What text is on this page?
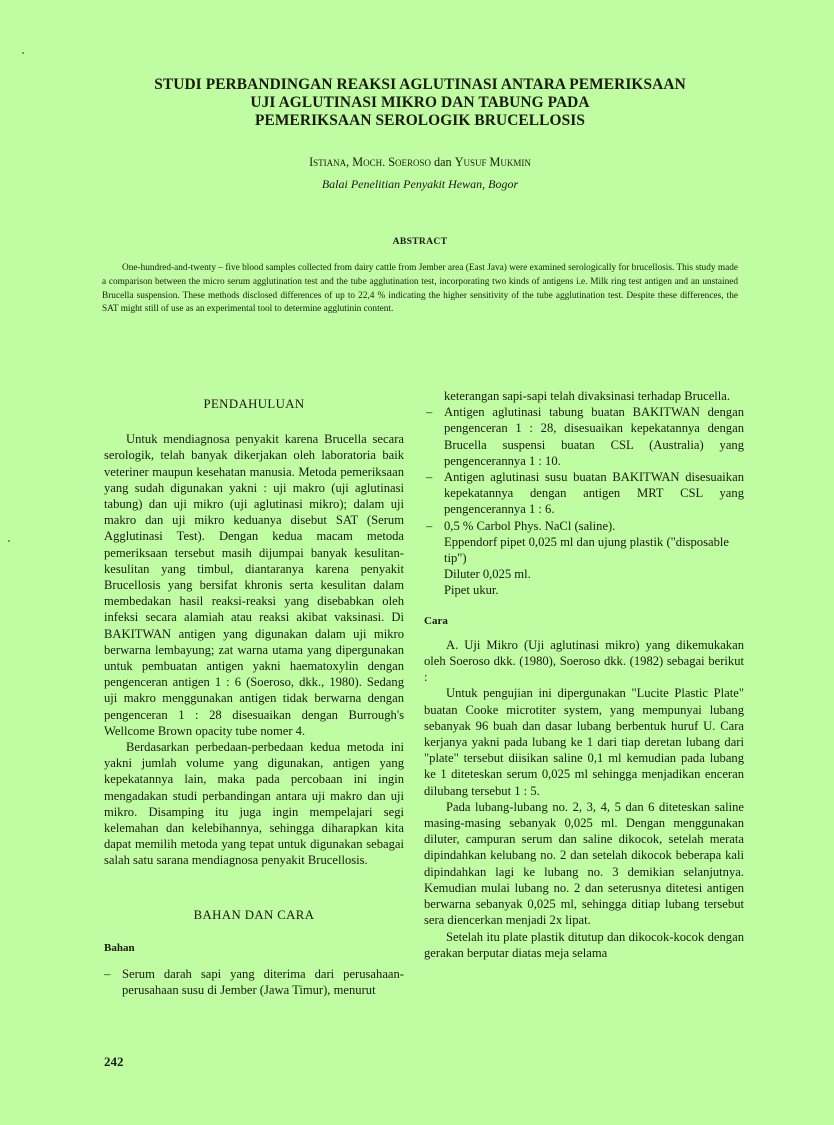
STUDI PERBANDINGAN REAKSI AGLUTINASI ANTARA PEMERIKSAAN
UJI AGLUTINASI MIKRO DAN TABUNG PADA
PEMERIKSAAN SEROLOGIK BRUCELLOSIS
Istiana, Moch. Soeroso dan Yusuf Mukmin
Balai Penelitian Penyakit Hewan, Bogor
ABSTRACT

One-hundred-and-twenty – five blood samples collected from dairy cattle from Jember area (East Java) were examined serologically for brucellosis. This study made a comparison between the micro serum agglutination test and the tube agglutination test, incorporating two kinds of antigens i.e. Milk ring test antigen and an unstained Brucella suspension. These methods disclosed differences of up to 22,4 % indicating the higher sensitivity of the tube agglutination test. Despite these differences, the SAT might still of use as an experimental tool to determine agglutinin content.

PENDAHULUAN

Untuk mendiagnosa penyakit karena Brucella secara serologik, telah banyak dikerjakan oleh laboratoria baik veteriner maupun kesehatan manusia. Metoda pemeriksaan yang sudah digunakan yakni : uji makro (uji aglutinasi tabung) dan uji mikro (uji aglutinasi mikro); dalam uji makro dan uji mikro keduanya disebut SAT (Serum Agglutinasi Test). Dengan kedua macam metoda pemeriksaan tersebut masih dijumpai banyak kesulitan-kesulitan yang timbul, diantaranya karena penyakit Brucellosis yang bersifat khronis serta kesulitan dalam membedakan hasil reaksi-reaksi yang disebabkan oleh infeksi secara alamiah atau reaksi akibat vaksinasi. Di BAKITWAN antigen yang digunakan dalam uji mikro berwarna lembayung; zat warna utama yang dipergunakan untuk pembuatan antigen yakni haematoxylin dengan pengenceran antigen 1 : 6 (Soeroso, dkk., 1980). Sedang uji makro menggunakan antigen tidak berwarna dengan pengenceran 1 : 28 disesuaikan dengan Burrough's Wellcome Brown opacity tube nomer 4.

Berdasarkan perbedaan-perbedaan kedua metoda ini yakni jumlah volume yang digunakan, antigen yang kepekatannya lain, maka pada percobaan ini ingin mengadakan studi perbandingan antara uji makro dan uji mikro. Disamping itu juga ingin mempelajari segi kelemahan dan kelebihannya, sehingga diharapkan kita dapat memilih metoda yang tepat untuk digunakan sebagai salah satu sarana mendiagnosa penyakit Brucellosis.

BAHAN DAN CARA

Bahan

– Serum darah sapi yang diterima dari perusahaan-perusahaan susu di Jember (Jawa Timur), menurut

keterangan sapi-sapi telah divaksinasi terhadap Brucella.

– Antigen aglutinasi tabung buatan BAKITWAN dengan pengenceran 1 : 28, disesuaikan kepekatannya dengan Brucella suspensi buatan CSL (Australia) yang pengencerannya 1 : 10.

– Antigen aglutinasi susu buatan BAKITWAN disesuaikan kepekatannya dengan antigen MRT CSL yang pengencerannya 1 : 6.

– 0,5 % Carbol Phys. NaCl (saline).

Eppendorf pipet 0,025 ml dan ujung plastik ("disposable tip")

Diluter 0,025 ml.

Pipet ukur.

Cara

A. Uji Mikro (Uji aglutinasi mikro) yang dikemukakan oleh Soeroso dkk. (1980), Soeroso dkk. (1982) sebagai berikut :

Untuk pengujian ini dipergunakan "Lucite Plastic Plate" buatan Cooke microtiter system, yang mempunyai lubang sebanyak 96 buah dan dasar lubang berbentuk huruf U. Cara kerjanya yakni pada lubang ke 1 dari tiap deretan lubang dari "plate" tersebut diisikan saline 0,1 ml kemudian pada lubang ke 1 diteteskan serum 0,025 ml sehingga menjadikan enceran dilubang tersebut 1 : 5.

Pada lubang-lubang no. 2, 3, 4, 5 dan 6 diteteskan saline masing-masing sebanyak 0,025 ml. Dengan menggunakan diluter, campuran serum dan saline dikocok, setelah merata dipindahkan kelubang no. 2 dan setelah dikocok beberapa kali dipindahkan lagi ke lubang no. 3 demikian selanjutnya. Kemudian mulai lubang no. 2 dan seterusnya ditetesi antigen berwarna sebanyak 0,025 ml, sehingga ditiap lubang tersebut sera diencerkan menjadi 2x lipat.

Setelah itu plate plastik ditutup dan dikocok-kocok dengan gerakan berputar diatas meja selama

242
